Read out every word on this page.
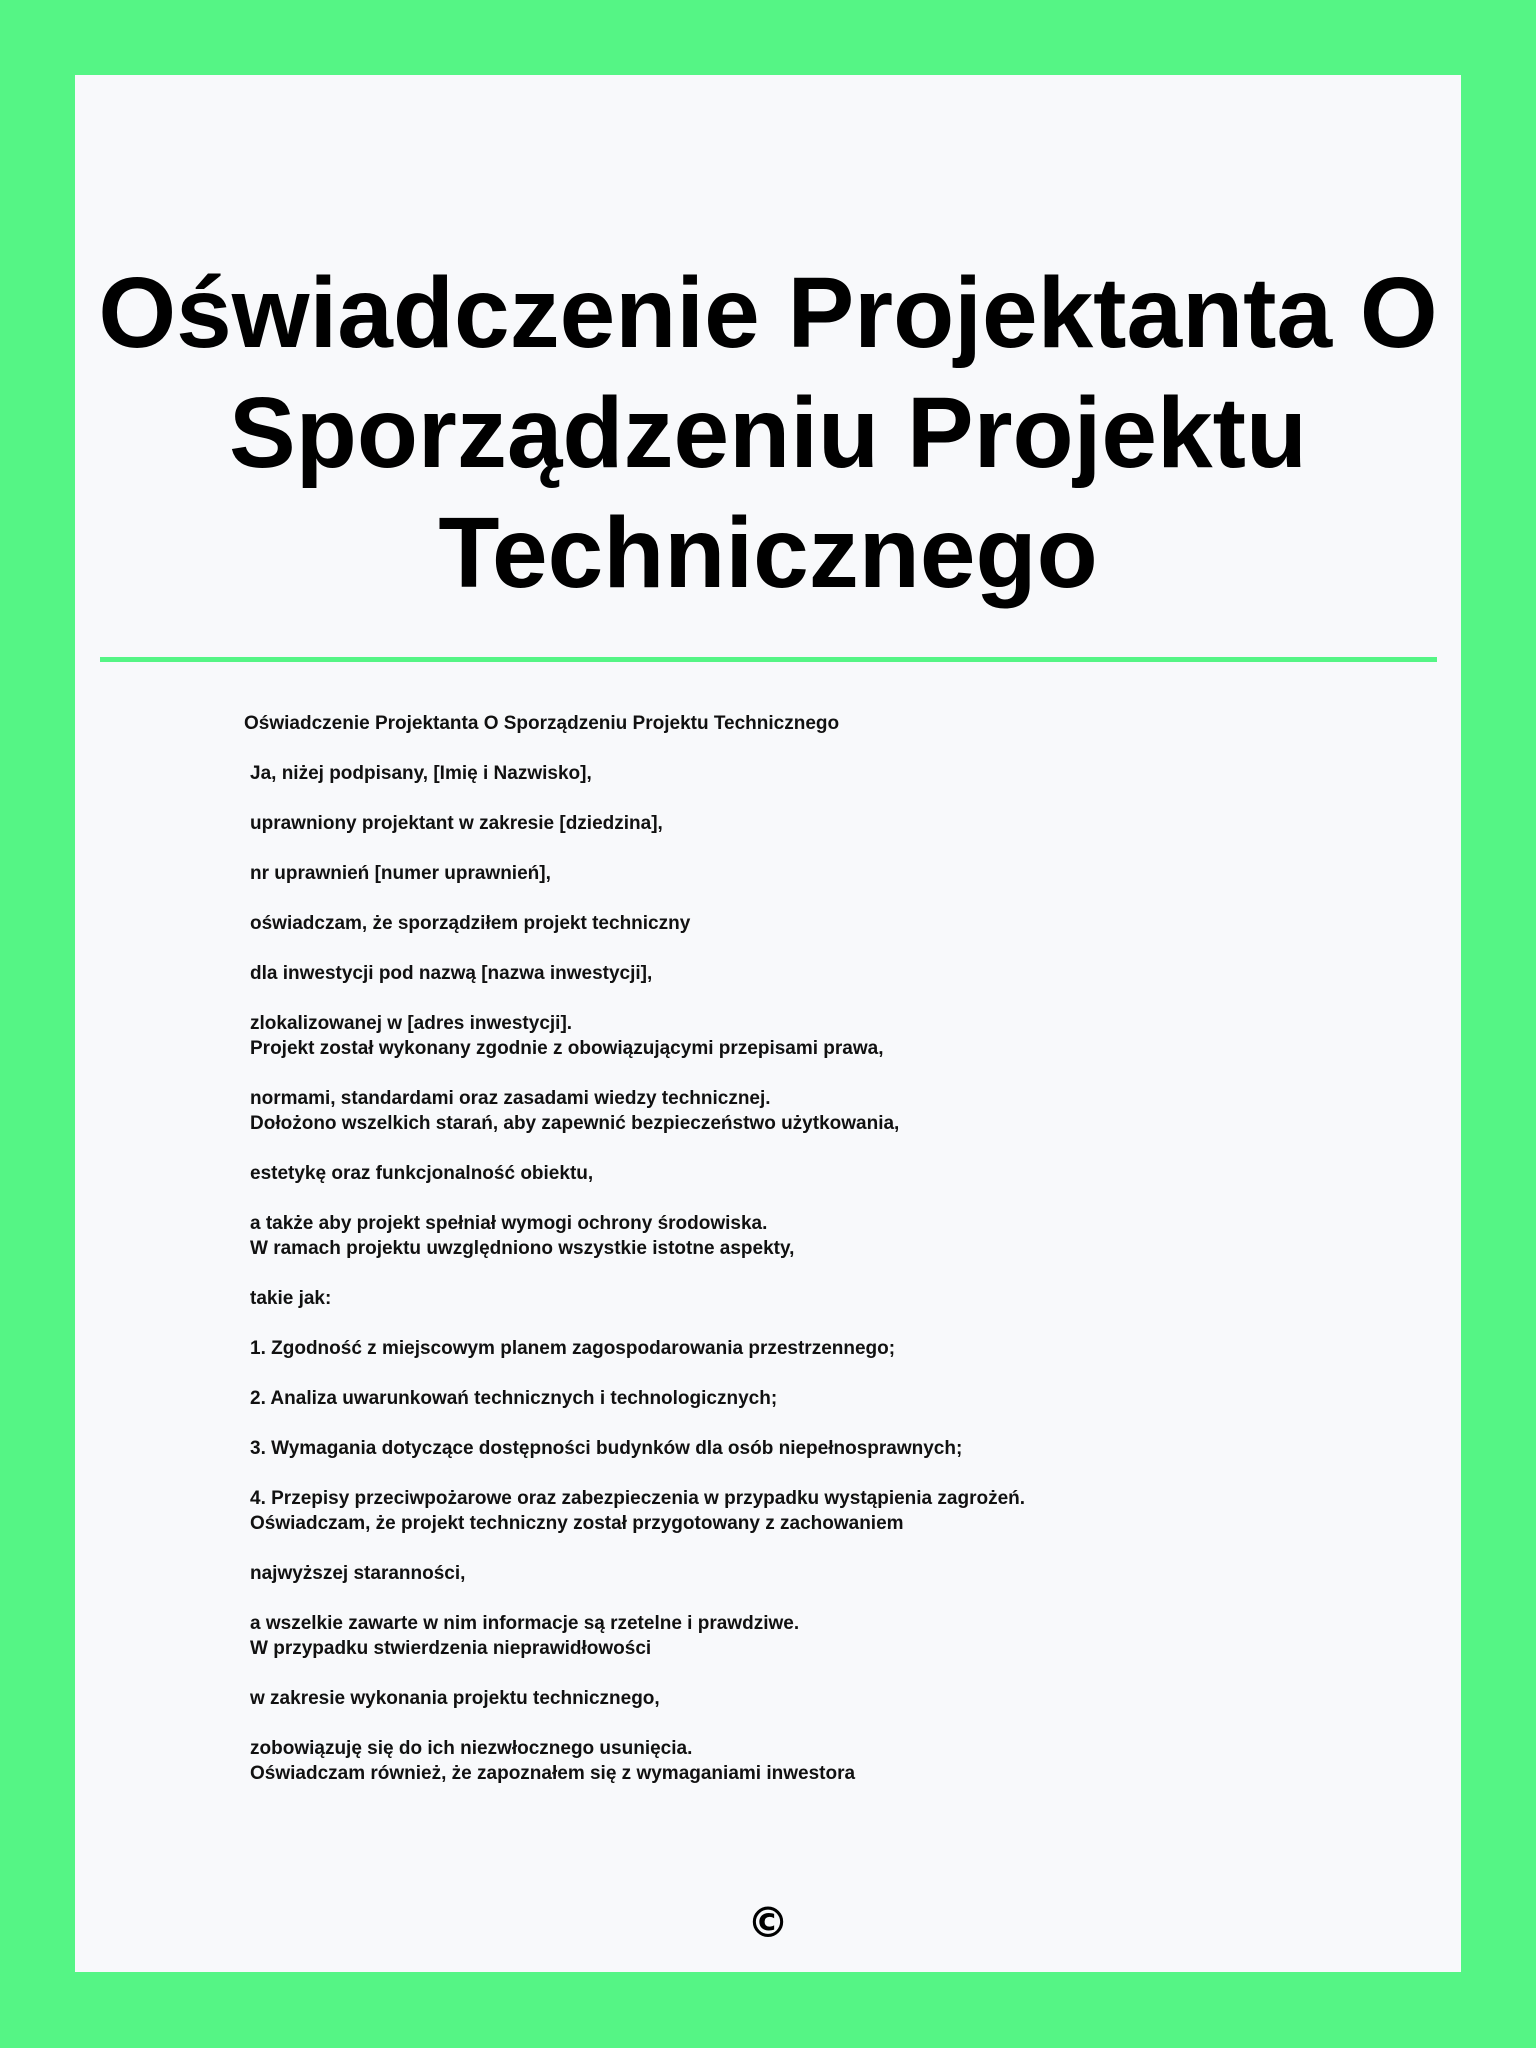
Oświadczenie Projektanta O Sporządzeniu Projektu Technicznego
Oświadczenie Projektanta O Sporządzeniu Projektu Technicznego
Ja, niżej podpisany, [Imię i Nazwisko],
uprawniony projektant w zakresie [dziedzina],
nr uprawnień [numer uprawnień],
oświadczam, że sporządziłem projekt techniczny
dla inwestycji pod nazwą [nazwa inwestycji],
zlokalizowanej w [adres inwestycji].
Projekt został wykonany zgodnie z obowiązującymi przepisami prawa,
normami, standardami oraz zasadami wiedzy technicznej.
Dołożono wszelkich starań, aby zapewnić bezpieczeństwo użytkowania,
estetykę oraz funkcjonalność obiektu,
a także aby projekt spełniał wymogi ochrony środowiska.
W ramach projektu uwzględniono wszystkie istotne aspekty,
takie jak:
1. Zgodność z miejscowym planem zagospodarowania przestrzennego;
2. Analiza uwarunkowań technicznych i technologicznych;
3. Wymagania dotyczące dostępności budynków dla osób niepełnosprawnych;
4. Przepisy przeciwpożarowe oraz zabezpieczenia w przypadku wystąpienia zagrożeń.
Oświadczam, że projekt techniczny został przygotowany z zachowaniem
najwyższej staranności,
a wszelkie zawarte w nim informacje są rzetelne i prawdziwe.
W przypadku stwierdzenia nieprawidłowości
w zakresie wykonania projektu technicznego,
zobowiązuję się do ich niezwłocznego usunięcia.
Oświadczam również, że zapoznałem się z wymaganiami inwestora
©
